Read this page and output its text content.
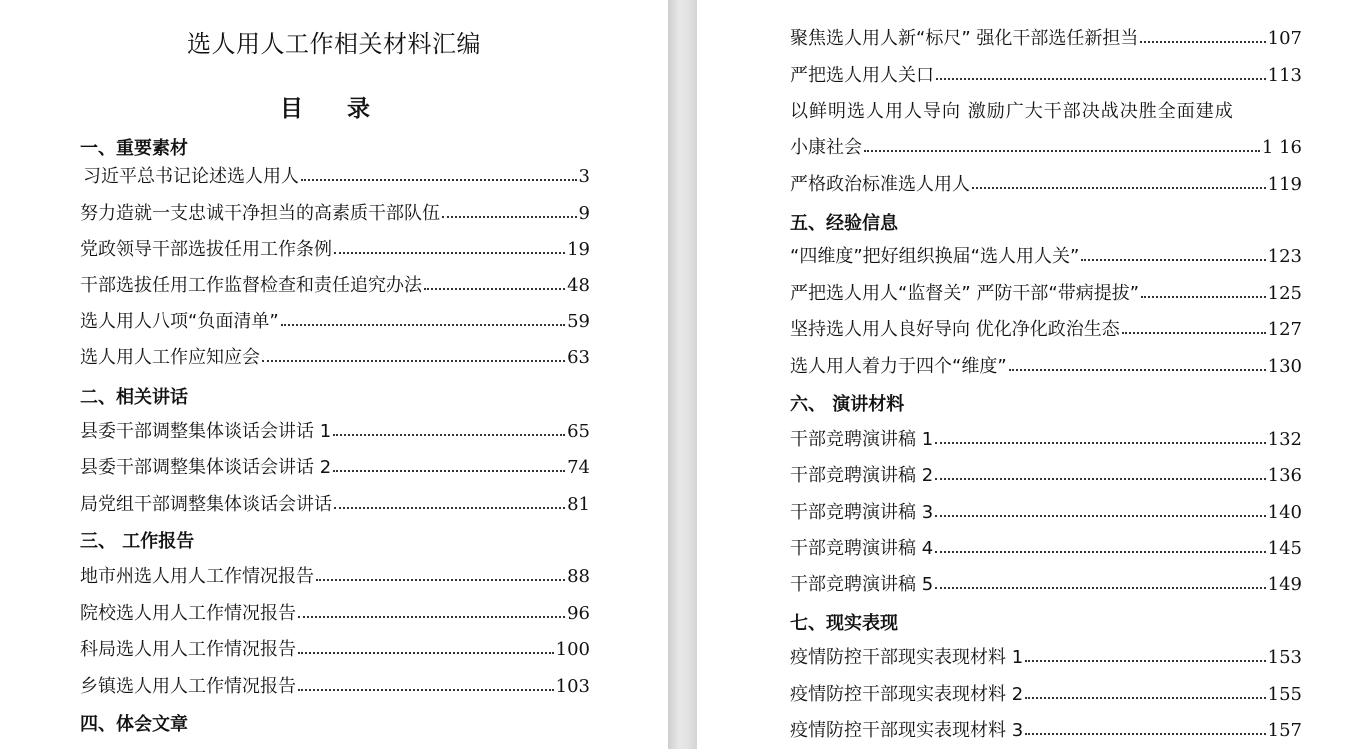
选人用人工作相关材料汇编
目 录
一、重要素材
习近平总书记论述选人用人	3
努力造就一支忠诚干净担当的高素质干部队伍	9
党政领导干部选拔任用工作条例	19
干部选拔任用工作监督检查和责任追究办法	48
选人用人八项“负面清单”	59
选人用人工作应知应会	63
二、相关讲话
县委干部调整集体谈话会讲话 1	65
县委干部调整集体谈话会讲话 2	74
局党组干部调整集体谈话会讲话	81
三、 工作报告
地市州选人用人工作情况报告	88
院校选人用人工作情况报告	96
科局选人用人工作情况报告	100
乡镇选人用人工作情况报告	103
四、体会文章
聚焦选人用人新“标尺” 强化干部选任新担当	107
严把选人用人关口	113
以鲜明选人用人导向 激励广大干部决战决胜全面建成
小康社会	1 16
严格政治标准选人用人	119
五、经验信息
“四维度”把好组织换届“选人用人关”	123
严把选人用人“监督关” 严防干部“带病提拔”	125
坚持选人用人良好导向 优化净化政治生态	127
选人用人着力于四个“维度”	130
六、 演讲材料
干部竞聘演讲稿 1	132
干部竞聘演讲稿 2	136
干部竞聘演讲稿 3	140
干部竞聘演讲稿 4	145
干部竞聘演讲稿 5	149
七、现实表现
疫情防控干部现实表现材料 1	153
疫情防控干部现实表现材料 2	155
疫情防控干部现实表现材料 3	157
